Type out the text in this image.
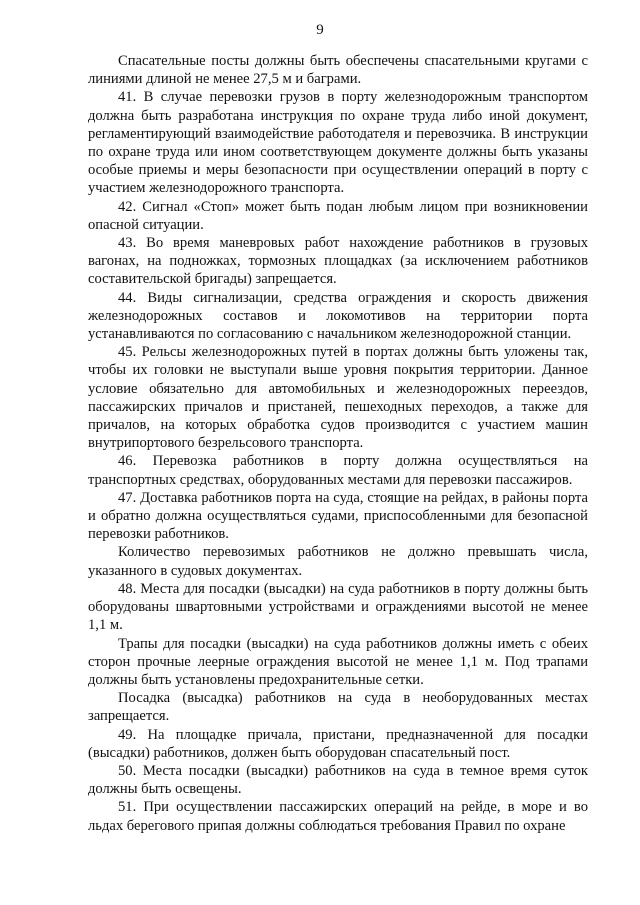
9

Спасательные посты должны быть обеспечены спасательными кругами с линиями длиной не менее 27,5 м и баграми.

41. В случае перевозки грузов в порту железнодорожным транспортом должна быть разработана инструкция по охране труда либо иной документ, регламентирующий взаимодействие работодателя и перевозчика. В инструкции по охране труда или ином соответствующем документе должны быть указаны особые приемы и меры безопасности при осуществлении операций в порту с участием железнодорожного транспорта.

42. Сигнал «Стоп» может быть подан любым лицом при возникновении опасной ситуации.

43. Во время маневровых работ нахождение работников в грузовых вагонах, на подножках, тормозных площадках (за исключением работников составительской бригады) запрещается.

44. Виды сигнализации, средства ограждения и скорость движения железнодорожных составов и локомотивов на территории порта устанавливаются по согласованию с начальником железнодорожной станции.

45. Рельсы железнодорожных путей в портах должны быть уложены так, чтобы их головки не выступали выше уровня покрытия территории. Данное условие обязательно для автомобильных и железнодорожных переездов, пассажирских причалов и пристаней, пешеходных переходов, а также для причалов, на которых обработка судов производится с участием машин внутрипортового безрельсового транспорта.

46. Перевозка работников в порту должна осуществляться на транспортных средствах, оборудованных местами для перевозки пассажиров.

47. Доставка работников порта на суда, стоящие на рейдах, в районы порта и обратно должна осуществляться судами, приспособленными для безопасной перевозки работников.

Количество перевозимых работников не должно превышать числа, указанного в судовых документах.

48. Места для посадки (высадки) на суда работников в порту должны быть оборудованы швартовными устройствами и ограждениями высотой не менее 1,1 м.

Трапы для посадки (высадки) на суда работников должны иметь с обеих сторон прочные леерные ограждения высотой не менее 1,1 м. Под трапами должны быть установлены предохранительные сетки.

Посадка (высадка) работников на суда в необорудованных местах запрещается.

49. На площадке причала, пристани, предназначенной для посадки (высадки) работников, должен быть оборудован спасательный пост.

50. Места посадки (высадки) работников на суда в темное время суток должны быть освещены.

51. При осуществлении пассажирских операций на рейде, в море и во льдах берегового припая должны соблюдаться требования Правил по охране
